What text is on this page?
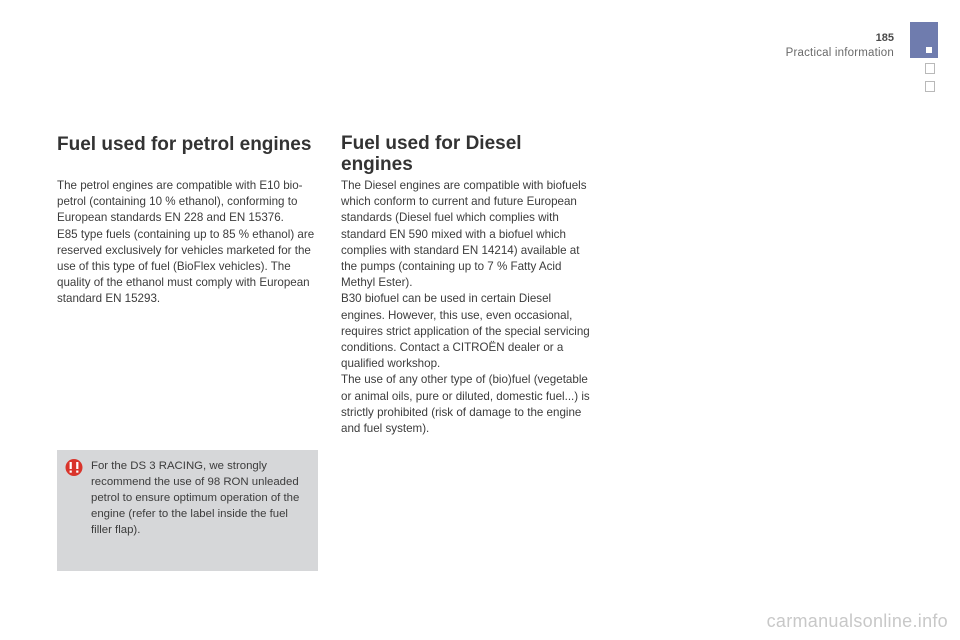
185
Practical information
Fuel used for petrol engines

The petrol engines are compatible with E10 bio-petrol (containing 10 % ethanol), conforming to European standards EN 228 and EN 15376.

E85 type fuels (containing up to 85 % ethanol) are reserved exclusively for vehicles marketed for the use of this type of fuel (BioFlex vehicles). The quality of the ethanol must comply with European standard EN 15293.

For the DS 3 RACING, we strongly recommend the use of 98 RON unleaded petrol to ensure optimum operation of the engine (refer to the label inside the fuel filler flap).
Fuel used for Diesel engines

The Diesel engines are compatible with biofuels which conform to current and future European standards (Diesel fuel which complies with standard EN 590 mixed with a biofuel which complies with standard EN 14214) available at the pumps (containing up to 7 % Fatty Acid Methyl Ester).

B30 biofuel can be used in certain Diesel engines. However, this use, even occasional, requires strict application of the special servicing conditions. Contact a CITROËN dealer or a qualified workshop.

The use of any other type of (bio)fuel (vegetable or animal oils, pure or diluted, domestic fuel...) is strictly prohibited (risk of damage to the engine and fuel system).

carmanualsonline.info
